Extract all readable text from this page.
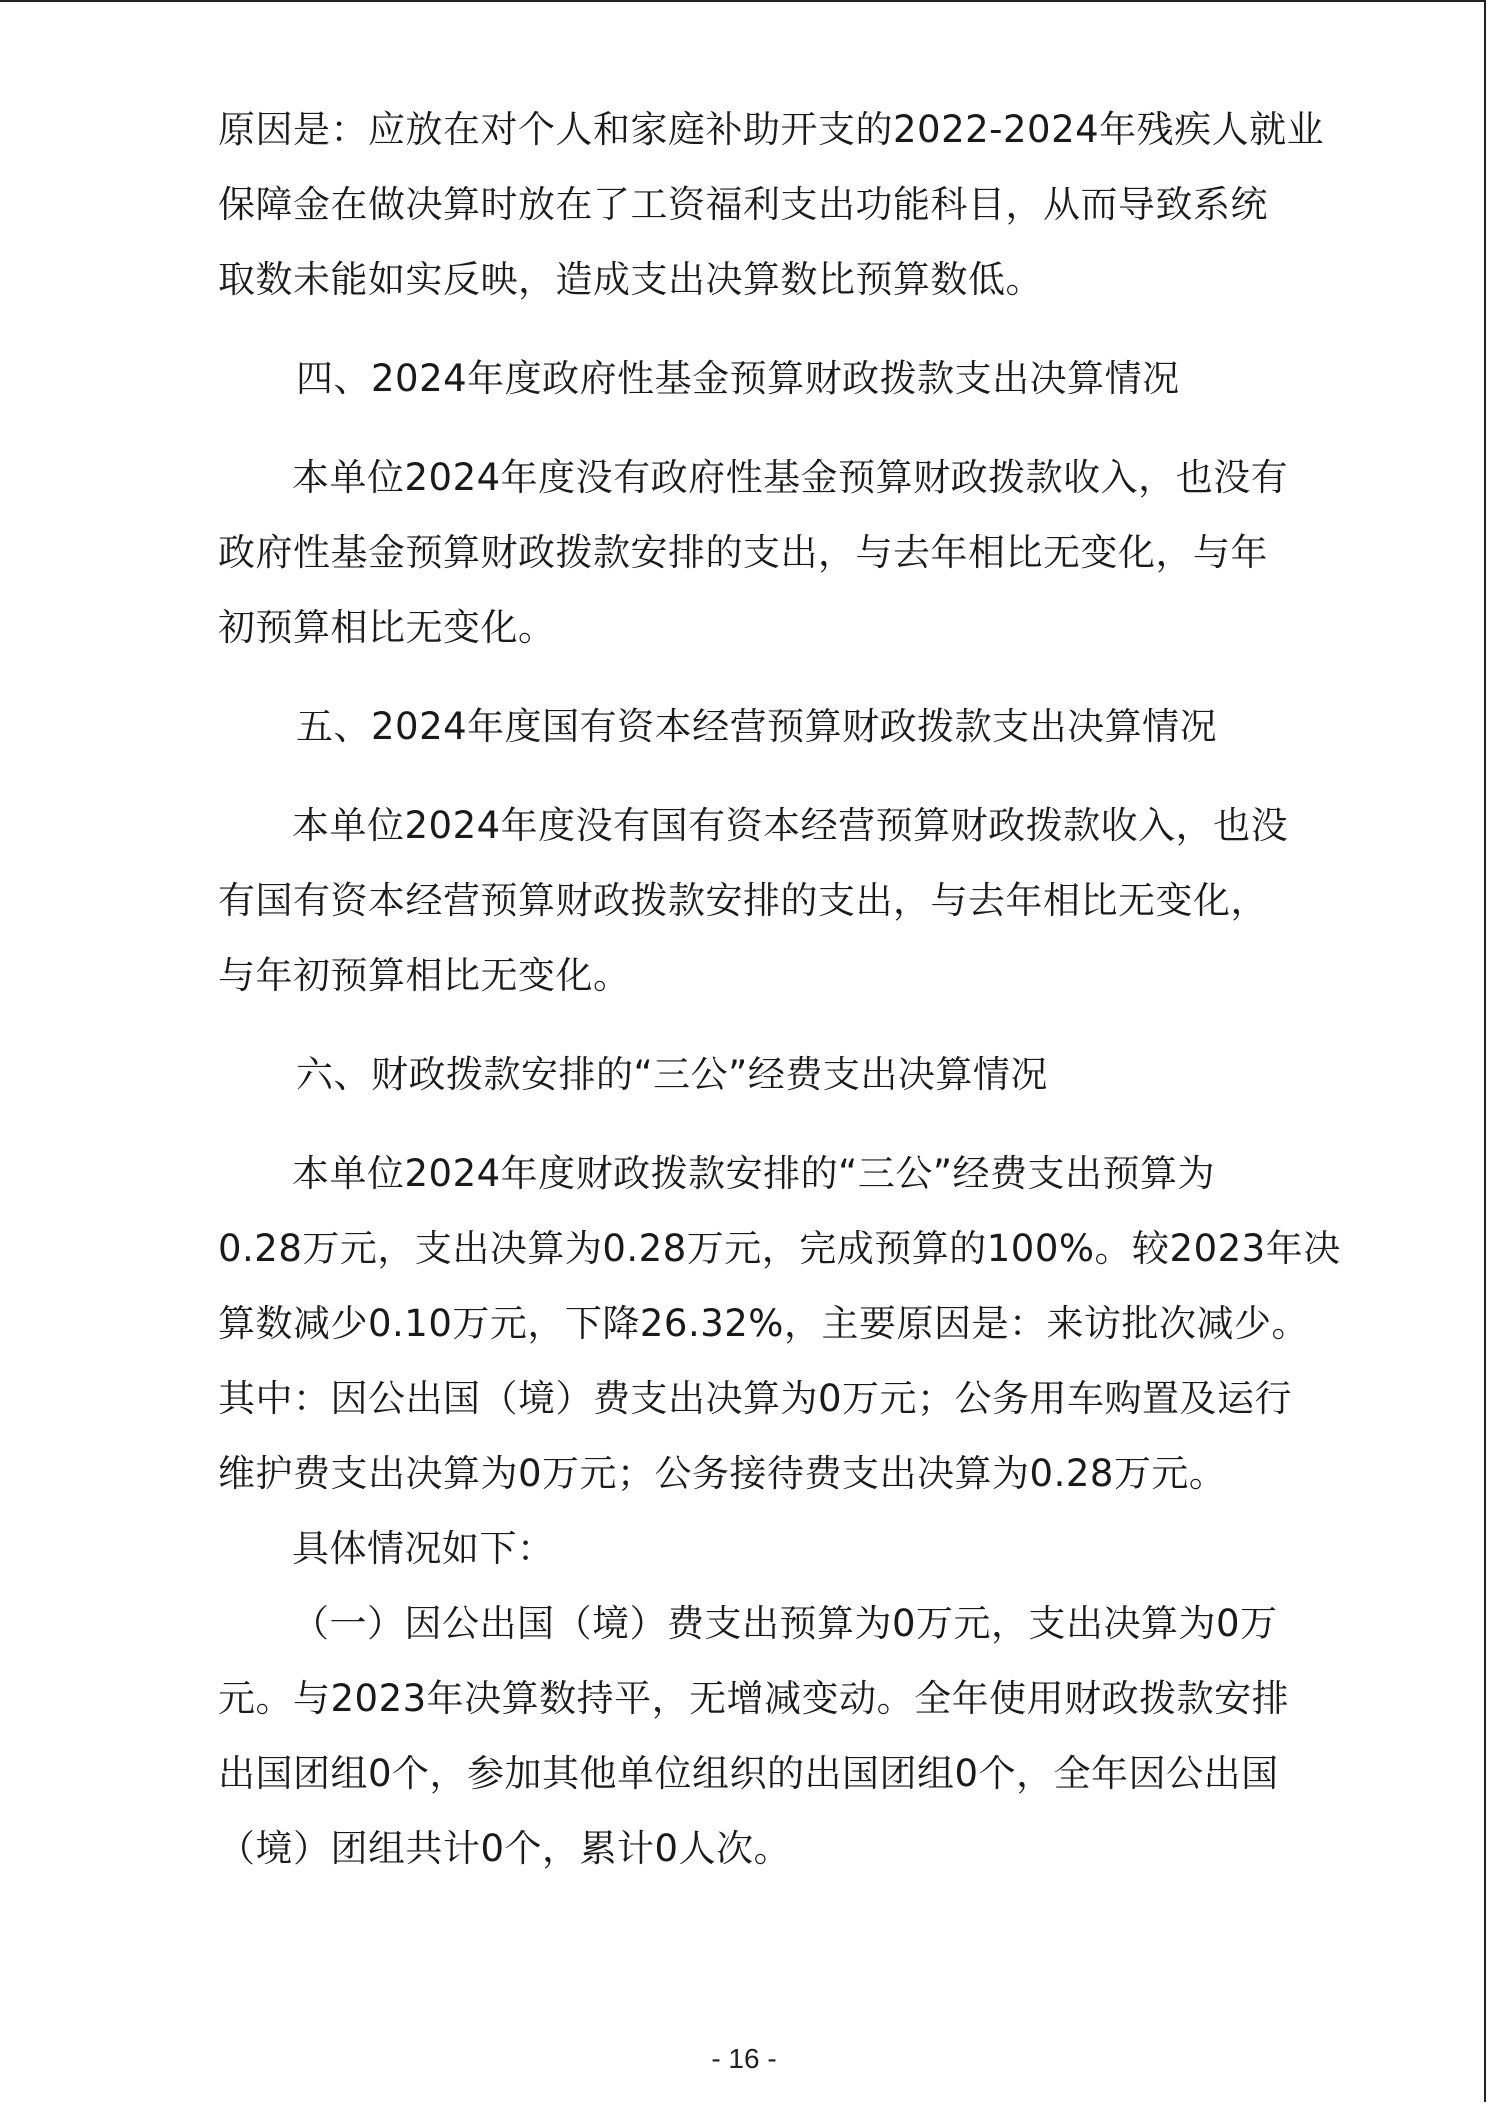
原因是：应放在对个人和家庭补助开支的2022-2024年残疾人就业
保障金在做决算时放在了工资福利支出功能科目，从而导致系统
取数未能如实反映，造成支出决算数比预算数低。
四、2024年度政府性基金预算财政拨款支出决算情况
本单位2024年度没有政府性基金预算财政拨款收入，也没有
政府性基金预算财政拨款安排的支出，与去年相比无变化，与年
初预算相比无变化。
五、2024年度国有资本经营预算财政拨款支出决算情况
本单位2024年度没有国有资本经营预算财政拨款收入，也没
有国有资本经营预算财政拨款安排的支出，与去年相比无变化，
与年初预算相比无变化。
六、财政拨款安排的“三公”经费支出决算情况
本单位2024年度财政拨款安排的“三公”经费支出预算为
0.28万元，支出决算为0.28万元，完成预算的100%。较2023年决
算数减少0.10万元，下降26.32%，主要原因是：来访批次减少。
其中：因公出国（境）费支出决算为0万元；公务用车购置及运行
维护费支出决算为0万元；公务接待费支出决算为0.28万元。
具体情况如下：
（一）因公出国（境）费支出预算为0万元，支出决算为0万
元。与2023年决算数持平，无增减变动。全年使用财政拨款安排
出国团组0个，参加其他单位组织的出国团组0个，全年因公出国
（境）团组共计0个，累计0人次。
- 16 -
